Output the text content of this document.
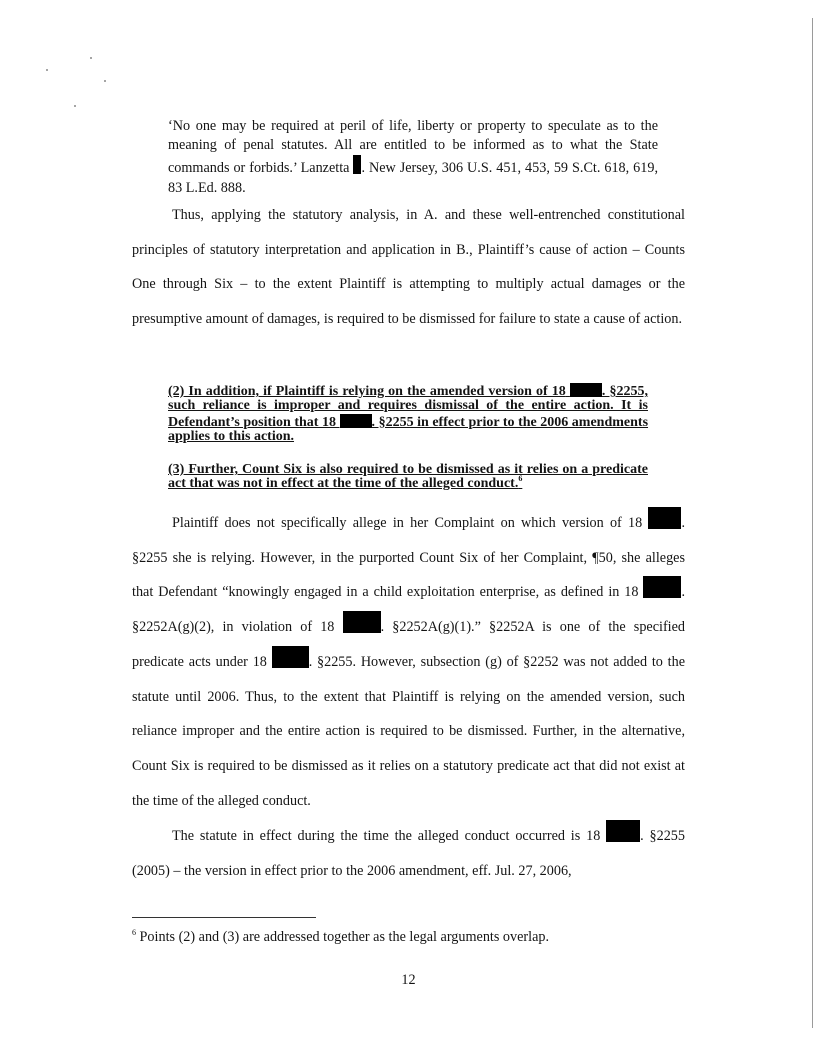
‘No one may be required at peril of life, liberty or property to speculate as to the meaning of penal statutes. All are entitled to be informed as to what the State commands or forbids.’ Lanzetta . New Jersey, 306 U.S. 451, 453, 59 S.Ct. 618, 619, 83 L.Ed. 888.

Thus, applying the statutory analysis, in A. and these well-entrenched constitutional principles of statutory interpretation and application in B., Plaintiff’s cause of action – Counts One through Six – to the extent Plaintiff is attempting to multiply actual damages or the presumptive amount of damages, is required to be dismissed for failure to state a cause of action.

(2) In addition, if Plaintiff is relying on the amended version of 18	. §2255, such reliance is improper and requires dismissal of the entire action. It is Defendant’s position that 18	. §2255 in effect prior to the 2006 amendments applies to this action.

(3) Further, Count Six is also required to be dismissed as it relies on a predicate act that was not in effect at the time of the alleged conduct.$^6$

Plaintiff does not specifically allege in her Complaint on which version of 18	. §2255 she is relying. However, in the purported Count Six of her Complaint, ¶50, she alleges that Defendant “knowingly engaged in a child exploitation enterprise, as defined in 18	. §2252A(g)(2), in violation of 18	. §2252A(g)(1).” §2252A is one of the specified predicate acts under 18	. §2255. However, subsection (g) of §2252 was not added to the statute until 2006. Thus, to the extent that Plaintiff is relying on the amended version, such reliance improper and the entire action is required to be dismissed. Further, in the alternative, Count Six is required to be dismissed as it relies on a statutory predicate act that did not exist at the time of the alleged conduct.

The statute in effect during the time the alleged conduct occurred is 18	. §2255 (2005) – the version in effect prior to the 2006 amendment, eff. Jul. 27, 2006,

$^6$ Points (2) and (3) are addressed together as the legal arguments overlap.

12
